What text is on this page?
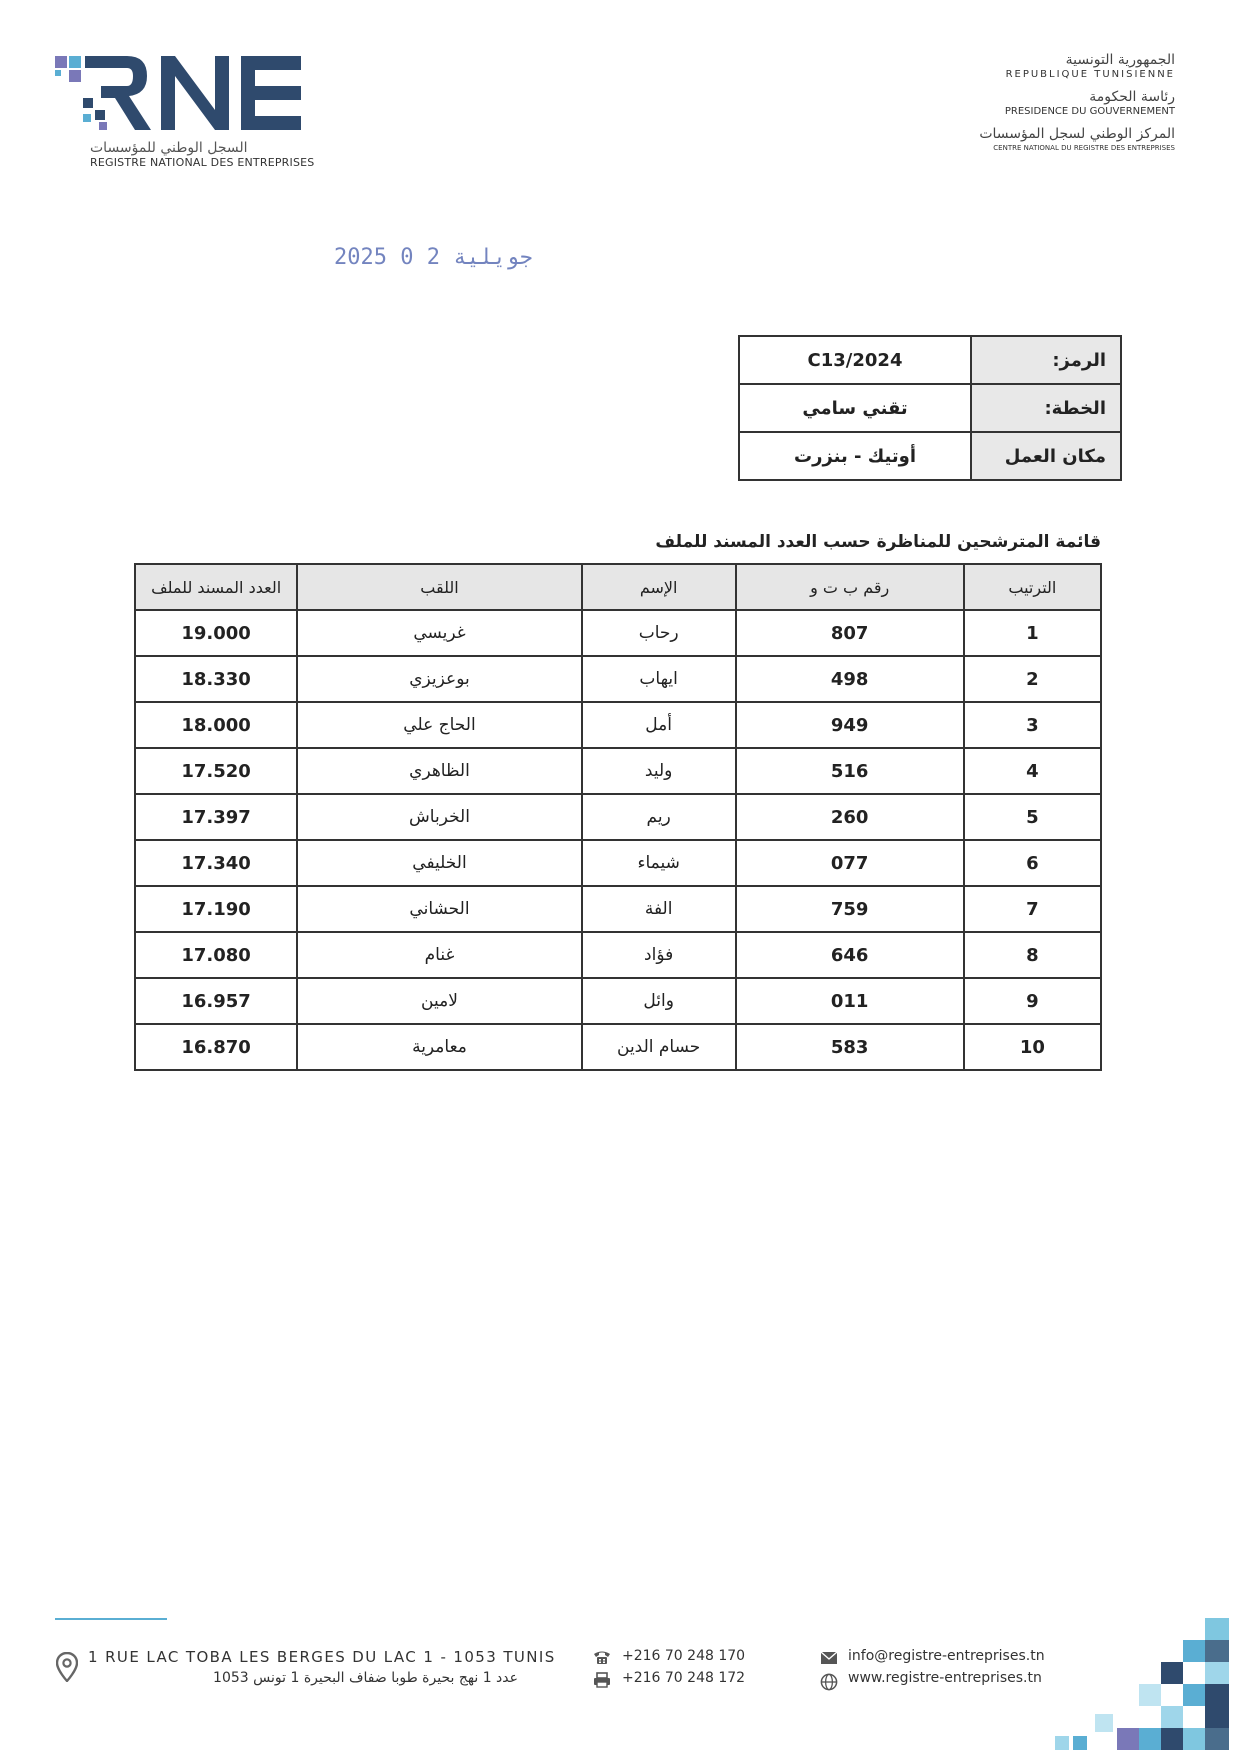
السجل الوطني للمؤسسات
REGISTRE NATIONAL DES ENTREPRISES
الجمهورية التونسية
REPUBLIQUE TUNISIENNE
رئاسة الحكومة
PRESIDENCE DU GOUVERNEMENT
المركز الوطني لسجل المؤسسات
CENTRE NATIONAL DU REGISTRE DES ENTREPRISES
2025 جويلية 2 0
الرمز:	C13/2024
الخطة:	تقني سامي
مكان العمل	أوتيك - بنزرت
قائمة المترشحين للمناظرة حسب العدد المسند للملف
الترتيب	رقم ب ت و	الإسم	اللقب	العدد المسند للملف
1	807	رحاب	غريسي	19.000
2	498	ايهاب	بوعزيزي	18.330
3	949	أمل	الحاج علي	18.000
4	516	وليد	الظاهري	17.520
5	260	ريم	الخرباش	17.397
6	077	شيماء	الخليفي	17.340
7	759	الفة	الحشاني	17.190
8	646	فؤاد	غنام	17.080
9	011	وائل	لامين	16.957
10	583	حسام الدين	معامرية	16.870
1 RUE LAC TOBA LES BERGES DU LAC 1 - 1053 TUNIS
عدد 1 نهج بحيرة طوبا ضفاف البحيرة 1 تونس 1053
+216 70 248 170
+216 70 248 172
info@registre-entreprises.tn
www.registre-entreprises.tn
